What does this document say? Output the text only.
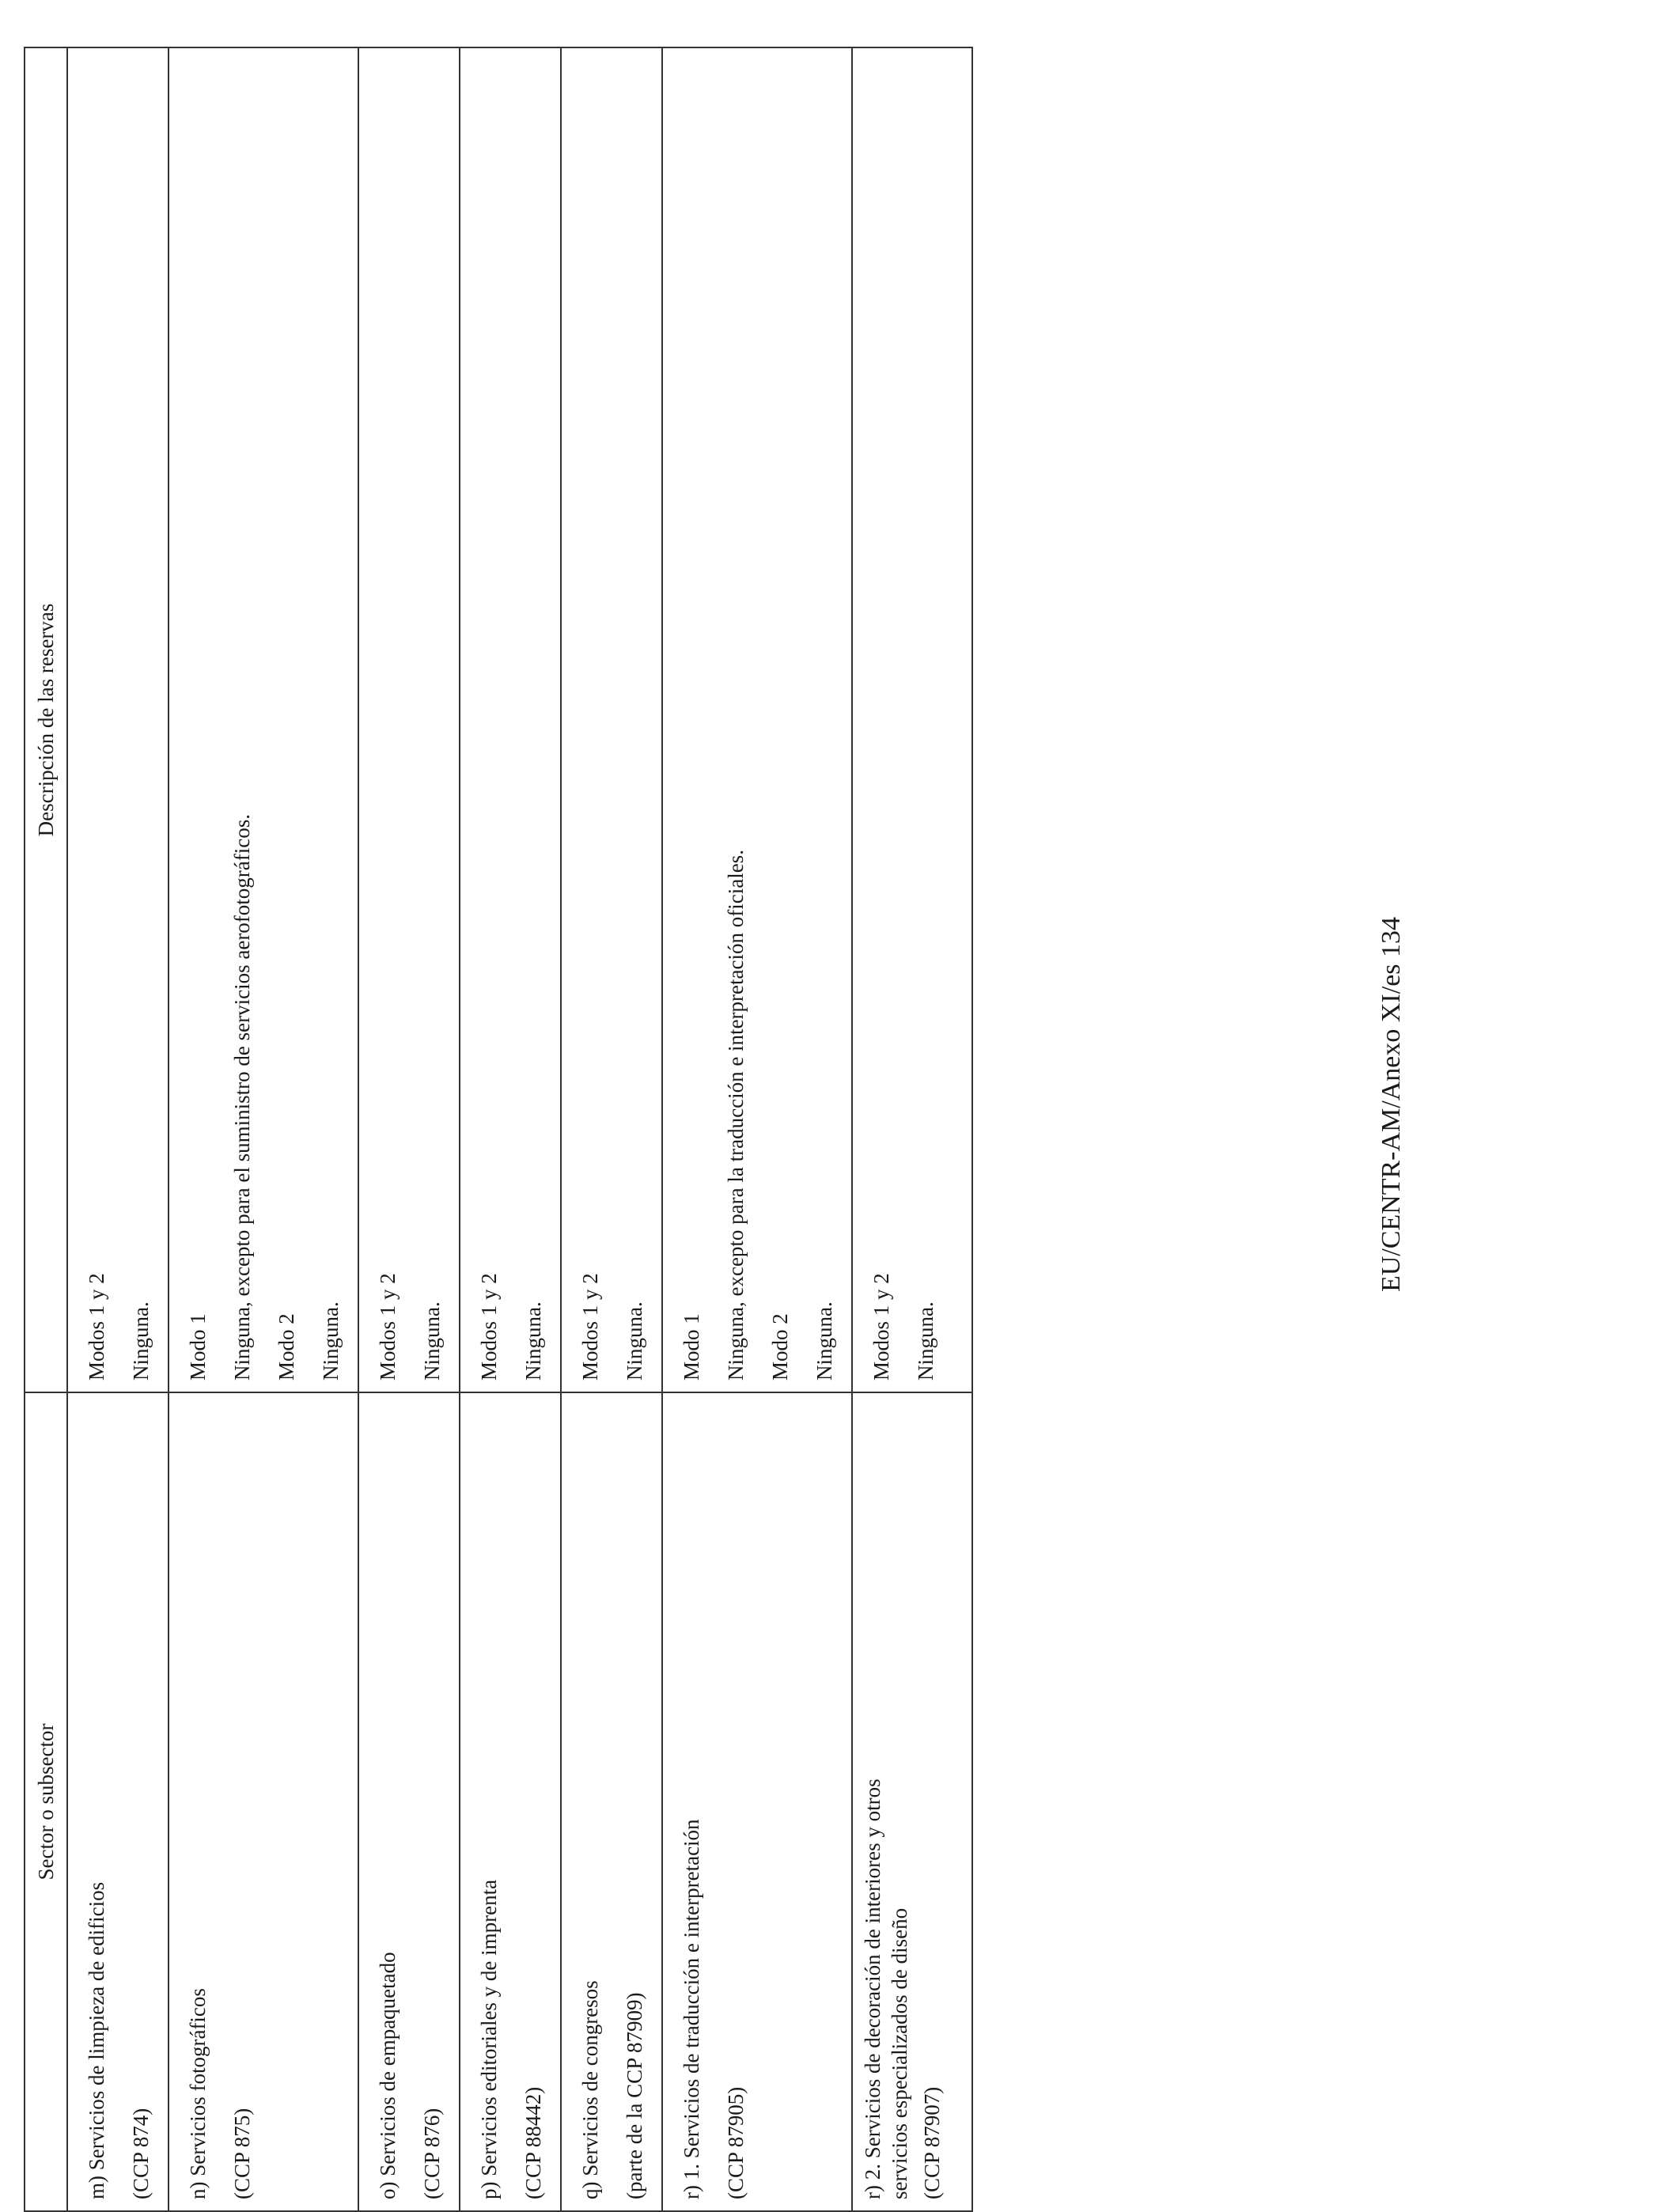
Sector o subsector	Descripción de las reservas

m) Servicios de limpieza de edificios (CCP 874)	Modos 1 y 2 Ninguna.

n) Servicios fotográficos (CCP 875)	Modo 1 Ninguna, excepto para el suministro de servicios aerofotográficos. Modo 2 Ninguna.

o) Servicios de empaquetado (CCP 876)	Modos 1 y 2 Ninguna.

p) Servicios editoriales y de imprenta (CCP 88442)	Modos 1 y 2 Ninguna.

q) Servicios de congresos (parte de la CCP 87909)	Modos 1 y 2 Ninguna.

r) 1. Servicios de traducción e interpretación (CCP 87905)	Modo 1 Ninguna, excepto para la traducción e interpretación oficiales. Modo 2 Ninguna.

r) 2. Servicios de decoración de interiores y otros servicios especializados de diseño (CCP 87907)	Modos 1 y 2 Ninguna.
EU/CENTR-AM/Anexo XI/es 134
